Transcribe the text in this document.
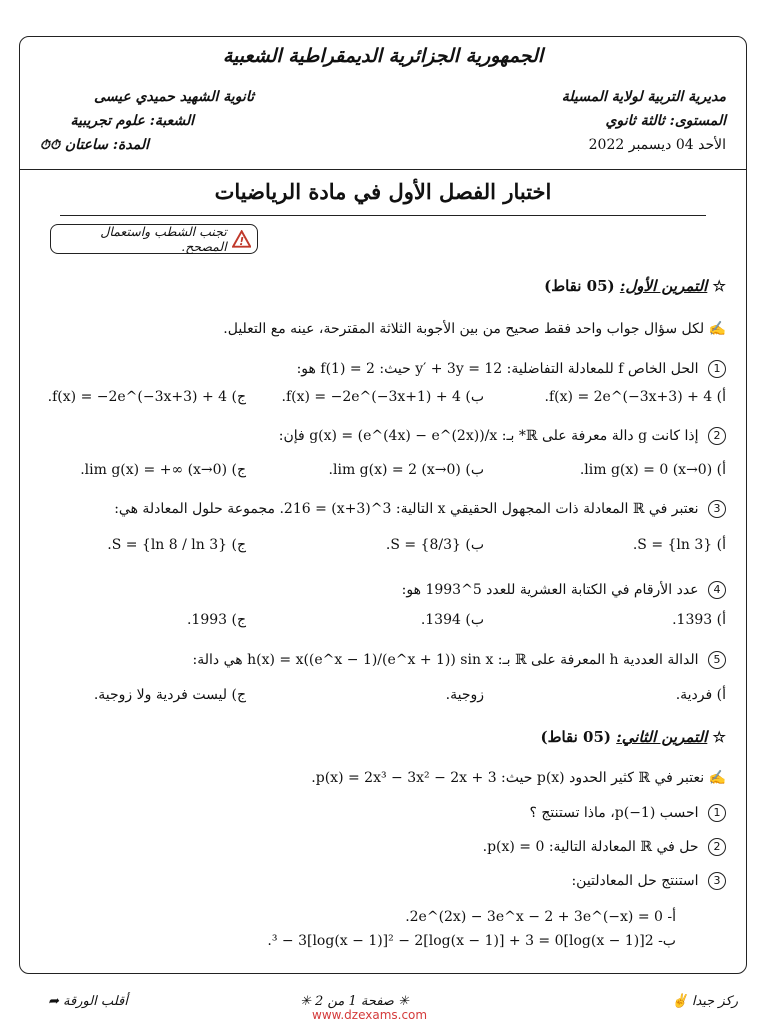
الجمهورية الجزائرية الديمقراطية الشعبية
مديرية التربية لولاية المسيلة
ثانوية الشهيد حميدي عيسى
المستوى: ثالثة ثانوي
الشعبة: علوم تجريبية
الأحد 04 ديسمبر 2022
المدة: ساعتان ⏱⏱
اختبار الفصل الأول في مادة الرياضيات
!
تجنب الشطب واستعمال المصحح.
☆ التمرين الأول: (05 نقاط)
✍ لكل سؤال جواب واحد فقط صحيح من بين الأجوبة الثلاثة المقترحة، عينه مع التعليل.
1 الحل الخاص f للمعادلة التفاضلية: y′ + 3y = 12 حيث: f(1) = 2 هو:
أ) f(x) = 2e^(−3x+3) + 4.
ب) f(x) = −2e^(−3x+1) + 4.
ج) f(x) = −2e^(−3x+3) + 4.
2 إذا كانت g دالة معرفة على ℝ* بـ: g(x) = (e^(4x) − e^(2x))/x فإن:
أ) lim g(x) = 0 (x→0).
ب) lim g(x) = 2 (x→0).
ج) lim g(x) = +∞ (x→0).
3 نعتبر في ℝ المعادلة ذات المجهول الحقيقي x التالية: 3^(x+3) = 216. مجموعة حلول المعادلة هي:
أ) S = {ln 3}.
ب) S = {8/3}.
ج) S = {ln 8 / ln 3}.
4 عدد الأرقام في الكتابة العشرية للعدد 5^1993 هو:
أ) 1393.
ب) 1394.
ج) 1993.
5 الدالة العددية h المعرفة على ℝ بـ: h(x) = x((e^x − 1)/(e^x + 1)) sin x هي دالة:
أ) فردية.
زوجية.
ج) ليست فردية ولا زوجية.
☆ التمرين الثاني: (05 نقاط)
✍ نعتبر في ℝ كثير الحدود p(x) حيث: p(x) = 2x³ − 3x² − 2x + 3.
1 احسب p(−1)، ماذا تستنتج ؟
2 حل في ℝ المعادلة التالية: p(x) = 0.
3 استنتج حل المعادلتين:
أ- 2e^(2x) − 3e^x − 2 + 3e^(−x) = 0.
ب- 2[log(x − 1)]³ − 3[log(x − 1)]² − 2[log(x − 1)] + 3 = 0.
ركز جيدا ✌
✳ صفحة 1 من 2 ✳
www.dzexams.com
أقلب الورقة ➦
